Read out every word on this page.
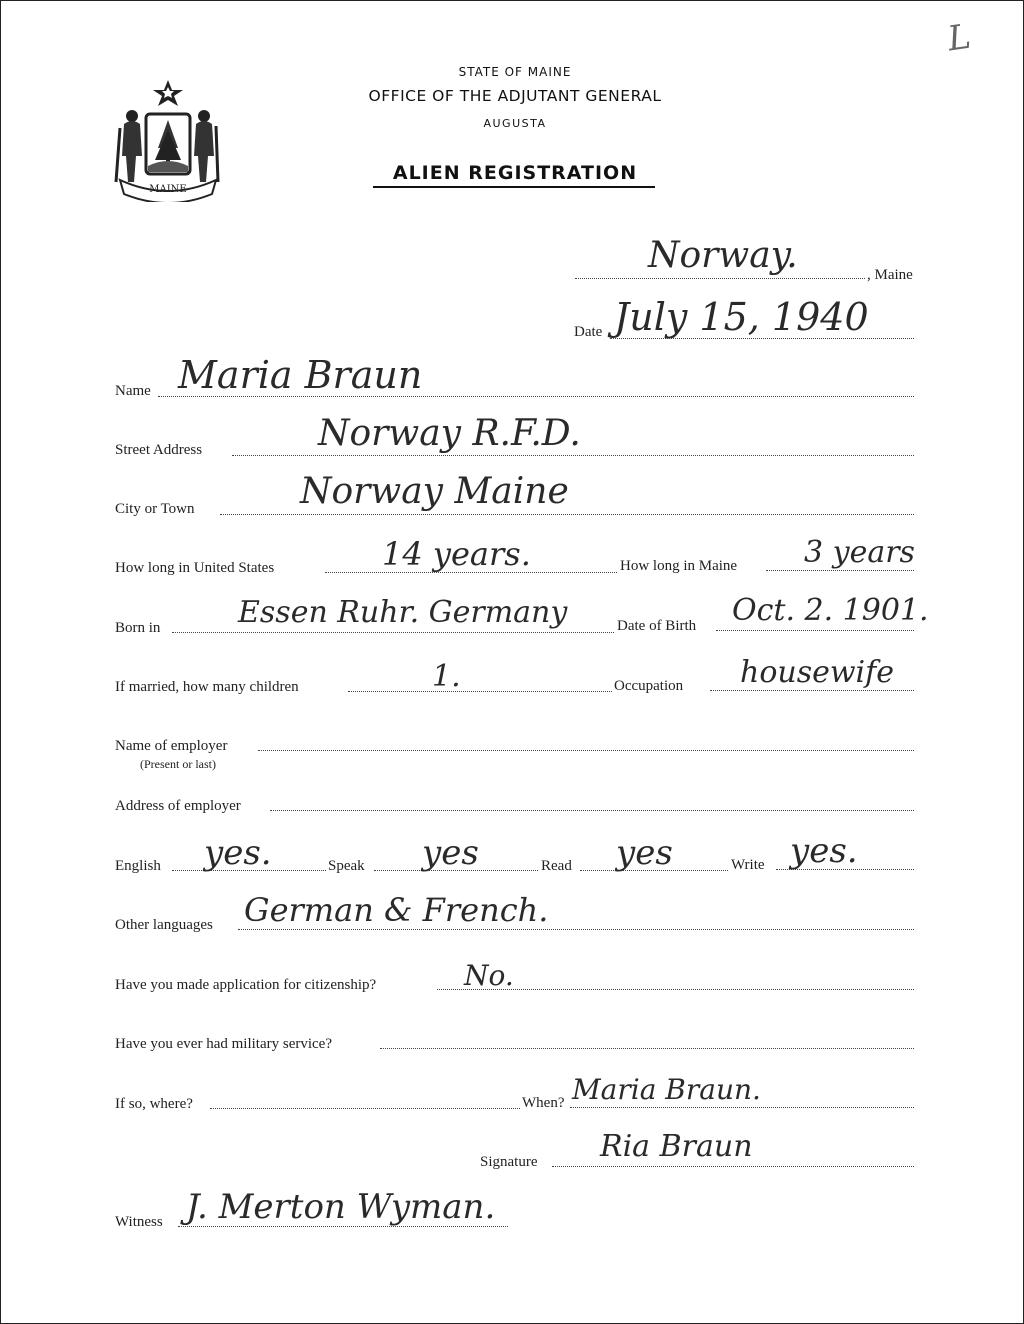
L
MAINE
STATE OF MAINE
OFFICE OF THE ADJUTANT GENERAL
AUGUSTA
ALIEN REGISTRATION
Norway.	, Maine
Date July 15, 1940
Name Maria Braun
Street Address	Norway R.F.D.
City or Town	Norway Maine
How long in United States	14 years.	How long in Maine 3 years
Born in	Essen Ruhr. Germany	Date of Birth Oct. 2. 1901.
If married, how many children	1.	Occupation housewife
Name of employer
(Present or last)
Address of employer
English yes.	Speak yes	Read yes	Write yes.
Other languages German & French.
Have you made application for citizenship?	No.
Have you ever had military service?
If so, where?	When? Maria Braun.
Signature Ria Braun
Witness J. Merton Wyman.
